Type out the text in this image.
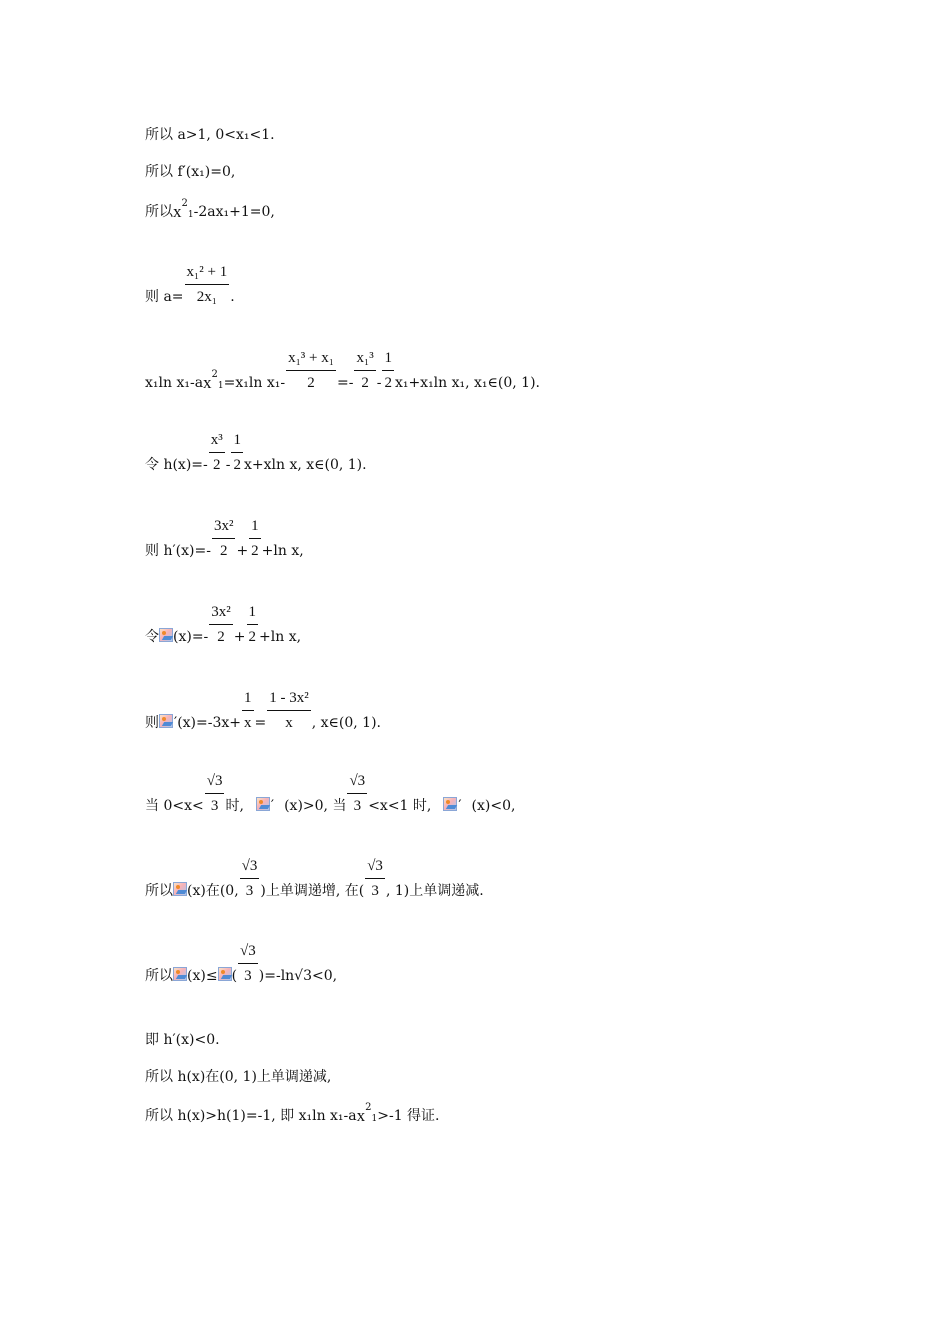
所以 a>1, 0<x₁<1.
所以 f′(x₁)=0,
所以 x 2
1 -2ax₁+1=0,
则 $a= \frac{\text{x₁² + 1}}{\text{2x₁}}$ .
x₁ln x₁-a x 2
1 =x₁ln $x_1- \frac{\text{x₁³ + x₁}}{2} =- \frac{\text{x₁³}}{2} - \frac{1}{2} x_1+x_1\ln$ x₁, x₁∈(0, 1).
令 $h(x)=- \frac{\text{x³}}{2} - \frac{1}{2} x+xln$ x, x∈(0, 1).
则 $h'(x)=- \frac{\text{3x²}}{2} + \frac{1}{2} +\ln$ x,
令 $(x)=- \frac{\text{3x²}}{2} + \frac{1}{2} +\ln$ x,
则 ′ $(x)=-3x+ \frac{1}{x} = \frac{\text{1 - 3x²}}{x}$ , x∈(0, 1).
当 $0<x< \frac{√3}{3}$ 时, ′ (x)>0, 当 $\frac{√3}{3} <x<1$ 时, ′ (x)<0,
所以 (x)在(0, $\frac{√3}{3}$ )上单调递增, 在( $\frac{√3}{3}$ , 1)上单调递减.
所以 (x)≤ ( $\frac{√3}{3} )=-\ln√3<0$,
即 h′(x)<0.
所以 h(x)在(0, 1)上单调递减,
所以 h(x)>h(1)=-1, 即 x₁ln x₁-a x 2
1 >-1 得证.
